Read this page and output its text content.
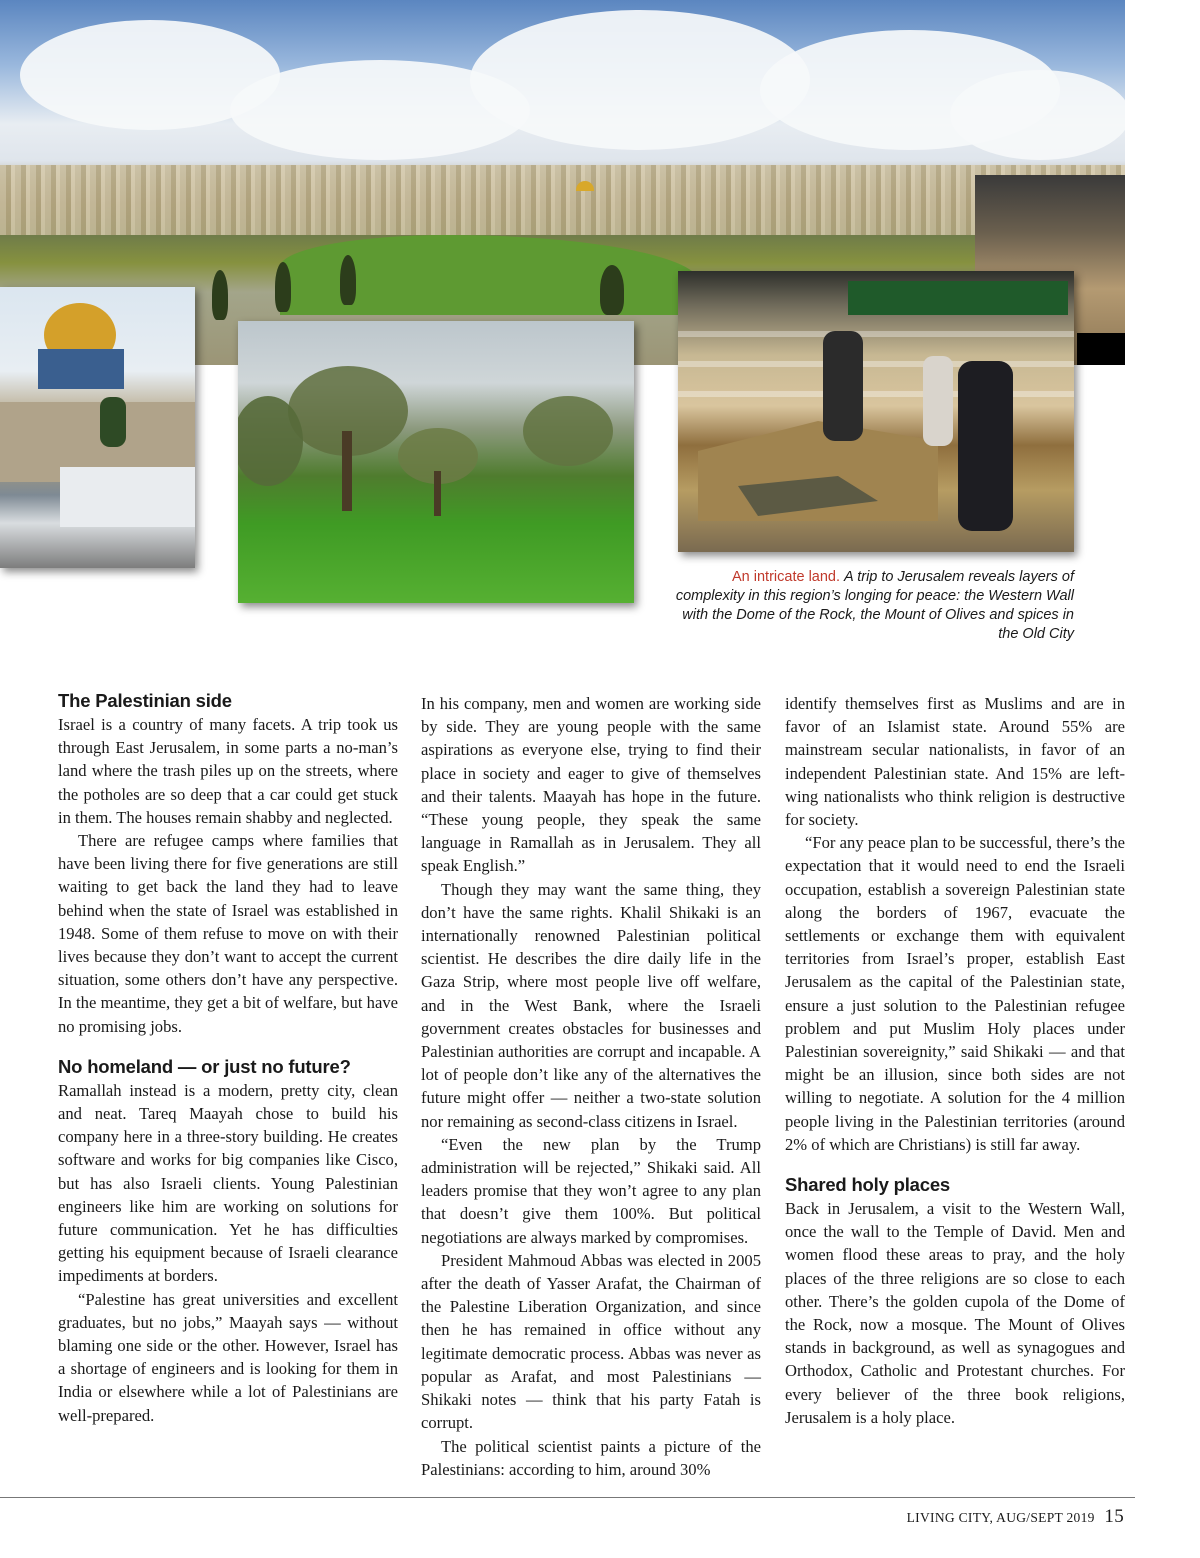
An intricate land. A trip to Jerusalem reveals layers of complexity in this region’s longing for peace: the Western Wall with the Dome of the Rock, the Mount of Olives and spices in the Old City
The Palestinian side

Israel is a country of many facets. A trip took us through East Jerusalem, in some parts a no-man’s land where the trash piles up on the streets, where the potholes are so deep that a car could get stuck in them. The houses remain shabby and neglected.

There are refugee camps where families that have been living there for five generations are still waiting to get back the land they had to leave behind when the state of Israel was established in 1948. Some of them refuse to move on with their lives because they don’t want to accept the current situation, some others don’t have any perspective. In the meantime, they get a bit of welfare, but have no promising jobs.

No homeland — or just no future?

Ramallah instead is a modern, pretty city, clean and neat. Tareq Maayah chose to build his company here in a three-story building. He creates software and works for big companies like Cisco, but has also Israeli clients. Young Palestinian engineers like him are working on solutions for future communication. Yet he has difficulties getting his equipment because of Israeli clearance impediments at borders.

“Palestine has great universities and excellent graduates, but no jobs,” Maayah says — without blaming one side or the other. However, Israel has a shortage of engineers and is looking for them in India or elsewhere while a lot of Palestinians are well-prepared.

In his company, men and women are working side by side. They are young people with the same aspirations as everyone else, trying to find their place in society and eager to give of themselves and their talents. Maayah has hope in the future. “These young people, they speak the same language in Ramallah as in Jerusalem. They all speak English.”

Though they may want the same thing, they don’t have the same rights. Khalil Shikaki is an internationally renowned Palestinian political scientist. He describes the dire daily life in the Gaza Strip, where most people live off welfare, and in the West Bank, where the Israeli government creates obstacles for businesses and Palestinian authorities are corrupt and incapable. A lot of people don’t like any of the alternatives the future might offer — neither a two-state solution nor remaining as second-class citizens in Israel.

“Even the new plan by the Trump administration will be rejected,” Shikaki said. All leaders promise that they won’t agree to any plan that doesn’t give them 100%. But political negotiations are always marked by compromises.

President Mahmoud Abbas was elected in 2005 after the death of Yasser Arafat, the Chairman of the Palestine Liberation Organization, and since then he has remained in office without any legitimate democratic process. Abbas was never as popular as Arafat, and most Palestinians — Shikaki notes — think that his party Fatah is corrupt.

The political scientist paints a picture of the Palestinians: according to him, around 30%

identify themselves first as Muslims and are in favor of an Islamist state. Around 55% are mainstream secular nationalists, in favor of an independent Palestinian state. And 15% are left-wing nationalists who think religion is destructive for society.

“For any peace plan to be successful, there’s the expectation that it would need to end the Israeli occupation, establish a sovereign Palestinian state along the borders of 1967, evacuate the settlements or exchange them with equivalent territories from Israel’s proper, establish East Jerusalem as the capital of the Palestinian state, ensure a just solution to the Palestinian refugee problem and put Muslim Holy places under Palestinian sovereignity,” said Shikaki — and that might be an illusion, since both sides are not willing to negotiate. A solution for the 4 million people living in the Palestinian territories (around 2% of which are Christians) is still far away.

Shared holy places

Back in Jerusalem, a visit to the Western Wall, once the wall to the Temple of David. Men and women flood these areas to pray, and the holy places of the three religions are so close to each other. There’s the golden cupola of the Dome of the Rock, now a mosque. The Mount of Olives stands in background, as well as synagogues and Orthodox, Catholic and Protestant churches. For every believer of the three book religions, Jerusalem is a holy place.

LIVING CITY, AUG/SEPT 2019 15
